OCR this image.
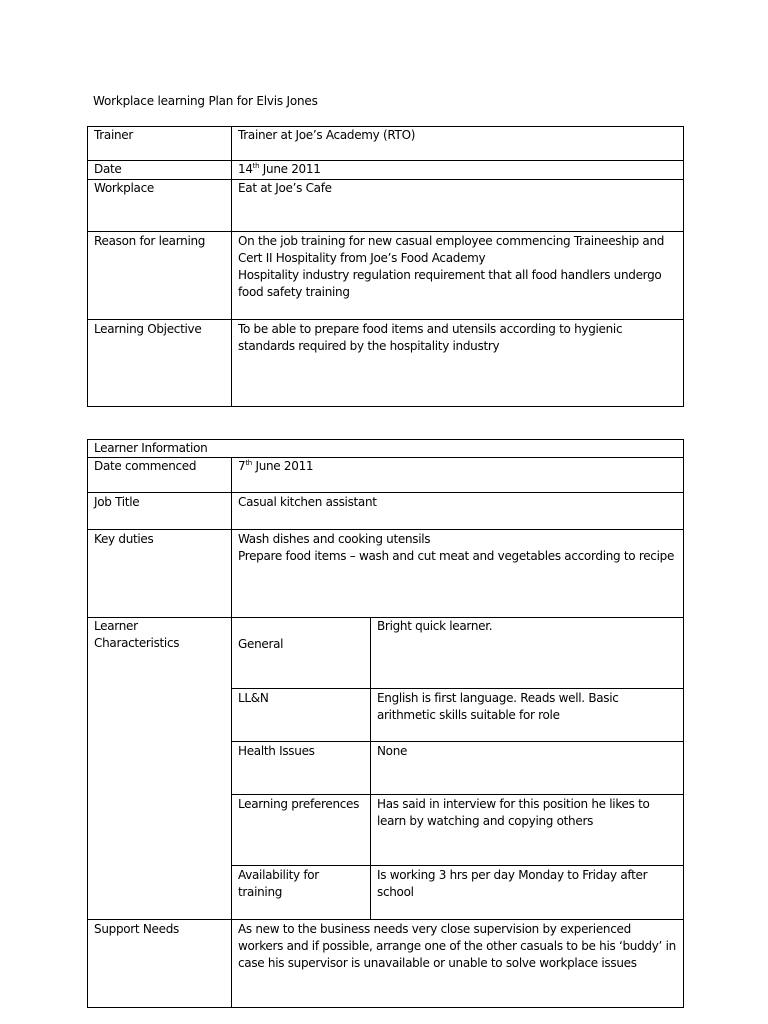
Workplace learning Plan for Elvis Jones
Trainer	Trainer at Joe’s Academy (RTO)
Date	14th June 2011
Workplace	Eat at Joe’s Cafe
Reason for learning	On the job training for new casual employee commencing Traineeship and Cert II Hospitality from Joe’s Food Academy
Hospitality industry regulation requirement that all food handlers undergo food safety training
Learning Objective	To be able to prepare food items and utensils according to hygienic standards required by the hospitality industry
Learner Information		
Date commenced	7th June 2011	
Job Title	Casual kitchen assistant	
Key duties	Wash dishes and cooking utensils
Prepare food items – wash and cut meat and vegetables according to recipe	
Learner Characteristics	General	Bright quick learner.
	LL&N	English is first language. Reads well. Basic arithmetic skills suitable for role
	Health Issues	None
	Learning preferences	Has said in interview for this position he likes to learn by watching and copying others
	Availability for training	Is working 3 hrs per day Monday to Friday after school
Support Needs	As new to the business needs very close supervision by experienced workers and if possible, arrange one of the other casuals to be his ‘buddy’ in case his supervisor is unavailable or unable to solve workplace issues	
